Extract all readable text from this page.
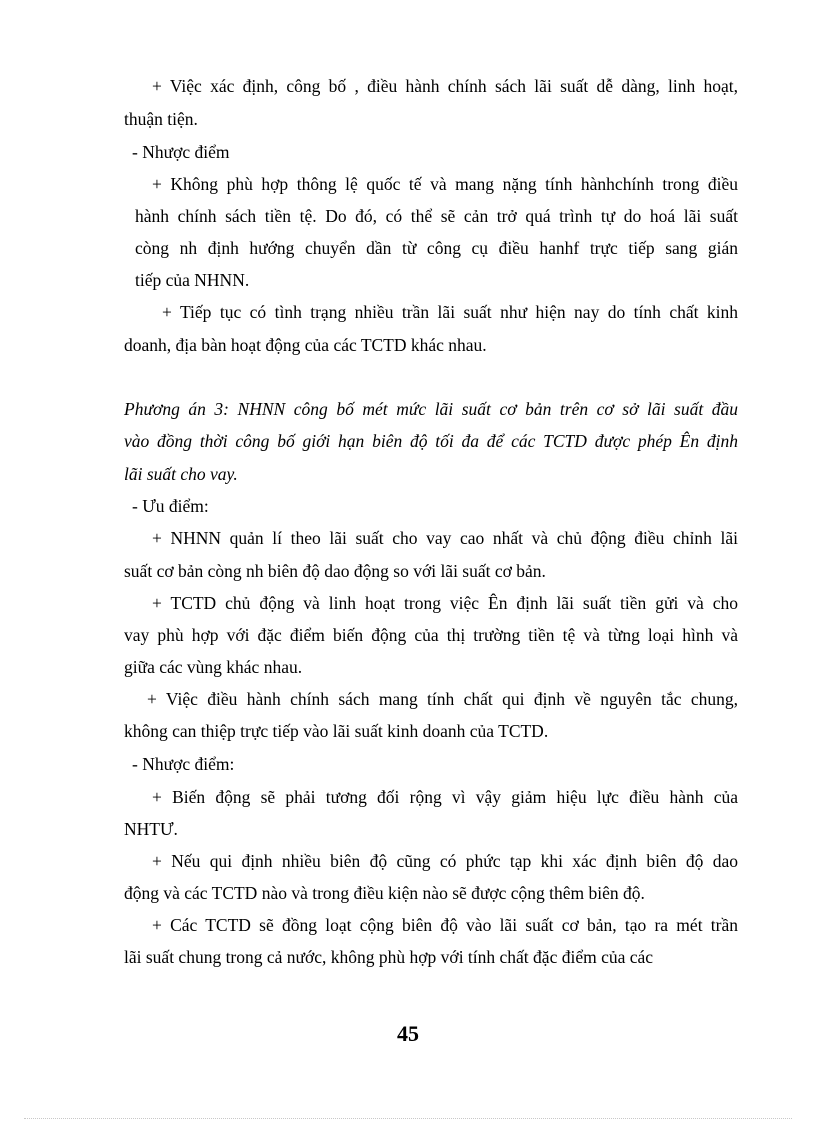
+ Việc xác định, công bố , điều hành chính sách lãi suất dễ dàng, linh hoạt,
thuận tiện.
- Nhược điểm
+ Không phù hợp thông lệ quốc tế và mang nặng tính hànhchính trong điều
hành chính sách tiền tệ. Do đó, có thể sẽ cản trở quá trình tự do hoá lãi suất
còng nh định hướng chuyển dần từ công cụ điều hanhf trực tiếp sang gián
tiếp của NHNN.
+ Tiếp tục có tình trạng nhiều trần lãi suất như hiện nay do tính chất kinh
doanh, địa bàn hoạt động của các TCTD khác nhau.
Phương án 3: NHNN công bố mét mức lãi suất cơ bản trên cơ sở lãi suất đầu
vào đồng thời công bố giới hạn biên độ tối đa để các TCTD được phép Ên định
lãi suất cho vay.
- Ưu điểm:
+ NHNN quản lí theo lãi suất cho vay cao nhất và chủ động điều chỉnh lãi
suất cơ bản còng nh biên độ dao động so với lãi suất cơ bản.
+ TCTD chủ động và linh hoạt trong việc Ên định lãi suất tiền gửi và cho
vay phù hợp với đặc điểm biến động của thị trường tiền tệ và từng loại hình và
giữa các vùng khác nhau.
+ Việc điều hành chính sách mang tính chất qui định về nguyên tắc chung,
không can thiệp trực tiếp vào lãi suất kinh doanh của TCTD.
- Nhược điểm:
+ Biến động sẽ phải tương đối rộng vì vậy giảm hiệu lực điều hành của
NHTƯ.
+ Nếu qui định nhiều biên độ cũng có phức tạp khi xác định biên độ dao
động và các TCTD nào và trong điều kiện nào sẽ được cộng thêm biên độ.
+ Các TCTD sẽ đồng loạt cộng biên độ vào lãi suất cơ bản, tạo ra mét trần
lãi suất chung trong cả nước, không phù hợp với tính chất đặc điểm của các
45
